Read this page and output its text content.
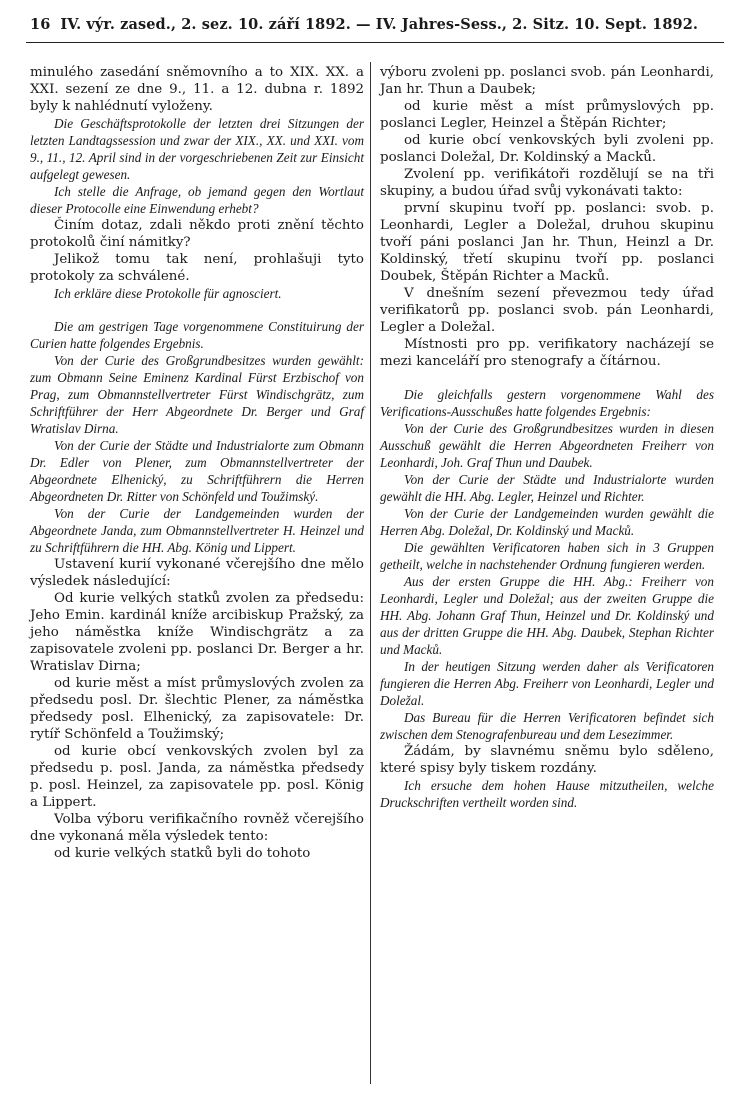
16 IV. výr. zased., 2. sez. 10. září 1892. — IV. Jahres-Sess., 2. Sitz. 10. Sept. 1892.

minulého zasedání sněmovního a to XIX. XX. a XXI. sezení ze dne 9., 11. a 12. dubna r. 1892 byly k nahlédnutí vyloženy.

Die Geschäftsprotokolle der letzten drei Sitzungen der letzten Landtagssession und zwar der XIX., XX. und XXI. vom 9., 11., 12. April sind in der vorgeschriebenen Zeit zur Einsicht aufgelegt gewesen.

Ich stelle die Anfrage, ob jemand gegen den Wortlaut dieser Protocolle eine Einwendung erhebt?

Činím dotaz, zdali někdo proti znění těchto protokolů činí námitky?

Jelikož tomu tak není, prohlašuji tyto protokoly za schválené.

Ich erkläre diese Protokolle für agnosciert.

Die am gestrigen Tage vorgenommene Constituirung der Curien hatte folgendes Ergebnis.

Von der Curie des Großgrundbesitzes wurden gewählt: zum Obmann Seine Eminenz Kardinal Fürst Erzbischof von Prag, zum Obmannstellvertreter Fürst Windischgrätz, zum Schriftführer der Herr Abgeordnete Dr. Berger und Graf Wratislav Dirna.

Von der Curie der Städte und Industrialorte zum Obmann Dr. Edler von Plener, zum Obmannstellvertreter der Abgeordnete Elhenický, zu Schriftführern die Herren Abgeordneten Dr. Ritter von Schönfeld und Toužimský.

Von der Curie der Landgemeinden wurden der Abgeordnete Janda, zum Obmannstellvertreter H. Heinzel und zu Schriftführern die HH. Abg. König und Lippert.

Ustavení kurií vykonané včerejšího dne mělo výsledek následující:

Od kurie velkých statků zvolen za předsedu: Jeho Emin. kardinál kníže arcibiskup Pražský, za jeho náměstka kníže Windischgrätz a za zapisovatele zvoleni pp. poslanci Dr. Berger a hr. Wratislav Dirna;

od kurie měst a míst průmyslových zvolen za předsedu posl. Dr. šlechtic Plener, za náměstka předsedy posl. Elhenický, za zapisovatele: Dr. rytíř Schönfeld a Toužimský;

od kurie obcí venkovských zvolen byl za předsedu p. posl. Janda, za náměstka předsedy p. posl. Heinzel, za zapisovatele pp. posl. König a Lippert.

Volba výboru verifikačního rovněž včerejšího dne vykonaná měla výsledek tento:

od kurie velkých statků byli do tohoto

výboru zvoleni pp. poslanci svob. pán Leonhardi, Jan hr. Thun a Daubek;

od kurie měst a míst průmyslových pp. poslanci Legler, Heinzel a Štěpán Richter;

od kurie obcí venkovských byli zvoleni pp. poslanci Doležal, Dr. Koldinský a Macků.

Zvolení pp. verifikátoři rozdělují se na tři skupiny, a budou úřad svůj vykonávati takto:

první skupinu tvoří pp. poslanci: svob. p. Leonhardi, Legler a Doležal, druhou skupinu tvoří páni poslanci Jan hr. Thun, Heinzl a Dr. Koldinský, třetí skupinu tvoří pp. poslanci Doubek, Štěpán Richter a Macků.

V dnešním sezení převezmou tedy úřad verifikatorů pp. poslanci svob. pán Leonhardi, Legler a Doležal.

Místnosti pro pp. verifikatory nacházejí se mezi kanceláří pro stenografy a čítárnou.

Die gleichfalls gestern vorgenommene Wahl des Verifications-Ausschußes hatte folgendes Ergebnis:

Von der Curie des Großgrundbesitzes wurden in diesen Ausschuß gewählt die Herren Abgeordneten Freiherr von Leonhardi, Joh. Graf Thun und Daubek.

Von der Curie der Städte und Industrialorte wurden gewählt die HH. Abg. Legler, Heinzel und Richter.

Von der Curie der Landgemeinden wurden gewählt die Herren Abg. Doležal, Dr. Koldinský und Macků.

Die gewählten Verificatoren haben sich in 3 Gruppen getheilt, welche in nachstehender Ordnung fungieren werden.

Aus der ersten Gruppe die HH. Abg.: Freiherr von Leonhardi, Legler und Doležal; aus der zweiten Gruppe die HH. Abg. Johann Graf Thun, Heinzel und Dr. Koldinský und aus der dritten Gruppe die HH. Abg. Daubek, Stephan Richter und Macků.

In der heutigen Sitzung werden daher als Verificatoren fungieren die Herren Abg. Freiherr von Leonhardi, Legler und Doležal.

Das Bureau für die Herren Verificatoren befindet sich zwischen dem Stenografenbureau und dem Lesezimmer.

Žádám, by slavnému sněmu bylo sděleno, které spisy byly tiskem rozdány.

Ich ersuche dem hohen Hause mitzutheilen, welche Druckschriften vertheilt worden sind.
